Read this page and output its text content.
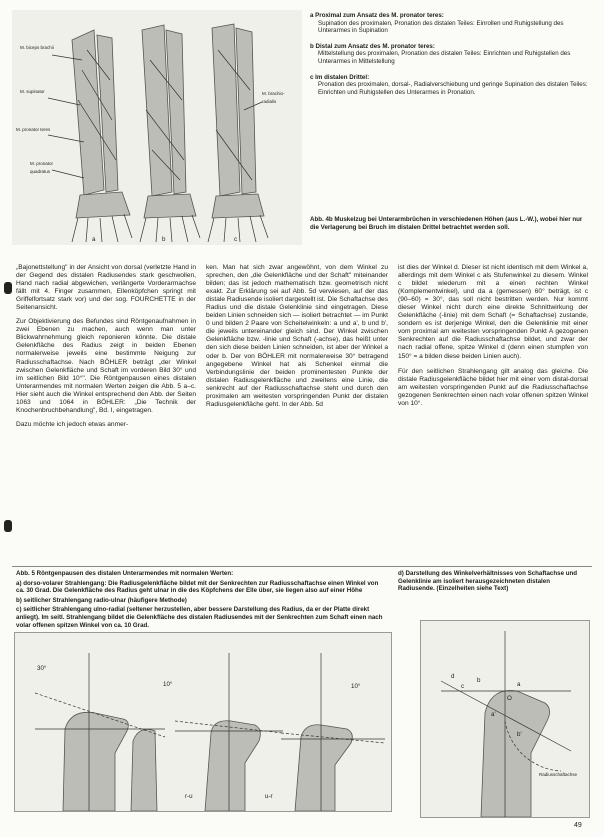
M. biceps brachii
M. supinator
M. pronator teres
M. pronator quadratus
M. brachio-radialis
a	b	c
a Proximal zum Ansatz des M. pronator teres:
Supination des proximalen, Pronation des distalen Teiles: Einrollen und Ruhigstellung des Unterarmes in Supination
b Distal zum Ansatz des M. pronator teres:
Mittelstellung des proximalen, Pronation des distalen Teiles: Einrichten und Ruhigstellen des Unterarmes in Mittelstellung
c Im distalen Drittel:
Pronation des proximalen, dorsal-, Radialverschiebung und geringe Supination des distalen Teiles: Einrichten und Ruhigstellen des Unterarmes in Pronation.
Abb. 4b Muskelzug bei Unterarmbrüchen in verschiedenen Höhen (aus L.-W.), wobei hier nur die Verlagerung bei Bruch im distalen Drittel betrachtet werden soll.

„Bajonettstellung" in der Ansicht von dorsal (verletzte Hand in der Gegend des distalen Radiusendes stark geschwollen, Hand nach radial abgewichen, verlängerte Vorderarmachse fällt mit 4. Finger zusammen, Ellenköpfchen springt mit Griffelfortsatz stark vor) und der sog. FOURCHETTE in der Seitenansicht.

Zur Objektivierung des Befundes sind Röntgenaufnahmen in zwei Ebenen zu machen, auch wenn man unter Blickwahrnehmung gleich reponieren könnte. Die distale Gelenkfläche des Radius zeigt in beiden Ebenen normalerweise jeweils eine bestimmte Neigung zur Radiusschaftachse. Nach BÖHLER beträgt „der Winkel zwischen Gelenkfläche und Schaft im vorderen Bild 30° und im seitlichen Bild 10°". Die Röntgenpausen eines distalen Unterarmendes mit normalen Werten zeigen die Abb. 5 a–c. Hier sieht auch die Winkel entsprechend den Abb. der Seiten 1063 und 1064 in BÖHLER: „Die Technik der Knochenbruchbehandlung", Bd. I, eingetragen.

Dazu möchte ich jedoch etwas anmer-

ken. Man hat sich zwar angewöhnt, von dem Winkel zu sprechen, den „die Gelenkfläche und der Schaft" miteinander bilden; das ist jedoch mathematisch bzw. geometrisch nicht exakt. Zur Erklärung sei auf Abb. 5d verwiesen, auf der das distale Radiusende isoliert dargestellt ist. Die Schaftachse des Radius und die distale Gelenklinie sind eingetragen. Diese beiden Linien schneiden sich — isoliert betrachtet — im Punkt 0 und bilden 2 Paare von Scheitelwinkeln: a und a', b und b', die jeweils untereinander gleich sind. Der Winkel zwischen Gelenkfläche bzw. -linie und Schaft (-achse), das heißt unter den sich diese beiden Linien schneiden, ist aber der Winkel a oder b. Der von BÖHLER mit normalerweise 30° betragend angegebene Winkel hat als Schenkel einmal die Verbindungslinie der beiden prominentesten Punkte der distalen Radiusgelenkfläche und zweitens eine Linie, die senkrecht auf der Radiusschaftachse steht und durch den proximalen am weitesten vorspringenden Punkt der distalen Radiusgelenkfläche geht. In der Abb. 5d

ist dies der Winkel d. Dieser ist nicht identisch mit dem Winkel a, allerdings mit dem Winkel c als Stufenwinkel zu diesem. Winkel c bildet wiederum mit a einen rechten Winkel (Komplementwinkel), und da a (gemessen) 60° beträgt, ist c (90–60) = 30°, das soll nicht bestritten werden. Nur kommt dieser Winkel nicht durch eine direkte Schnittwirkung der Gelenkfläche (-linie) mit dem Schaft (= Schaftachse) zustande, sondern es ist derjenige Winkel, den die Gelenklinie mit einer vom proximal am weitesten vorspringenden Punkt A gezogenen Senkrechten auf die Radiusschaftachse bildet, und zwar der nach radial offene, spitze Winkel d (denn einen stumpfen von 150° = a bilden diese beiden Linien auch).

Für den seitlichen Strahlengang gilt analog das gleiche. Die distale Radiusgelenkfläche bildet hier mit einer vom distal-dorsal am weitesten vorspringenden Punkt auf die Radiusschaftachse gezogenen Senkrechten einen nach volar offenen spitzen Winkel von 10°.

Abb. 5 Röntgenpausen des distalen Unterarmendes mit normalen Werten:
a) dorso-volarer Strahlengang: Die Radiusgelenkfläche bildet mit der Senkrechten zur Radiusschaftachse einen Winkel von ca. 30 Grad. Die Gelenkfläche des Radius geht ulnar in die des Köpfchens der Elle über, sie liegen also auf einer Höhe
b) seitlicher Strahlengang radio-ulnar (häufigere Methode)
c) seitlicher Strahlengang ulno-radial (seltener herzustellen, aber bessere Darstellung des Radius, da er der Platte direkt anliegt). Im seitl. Strahlengang bildet die Gelenkfläche des distalen Radiusendes mit der Senkrechten zum Schaft einen nach volar offenen spitzen Winkel von ca. 10 Grad.
d) Darstellung des Winkelverhältnisses von Schaftachse und Gelenklinie am isoliert herausgezeichneten distalen Radiusende. (Einzelheiten siehe Text)
30°
10°	10°
r-u	u-r
a
b
c
d
a'
b'
O
Radiusschaftachse
49
